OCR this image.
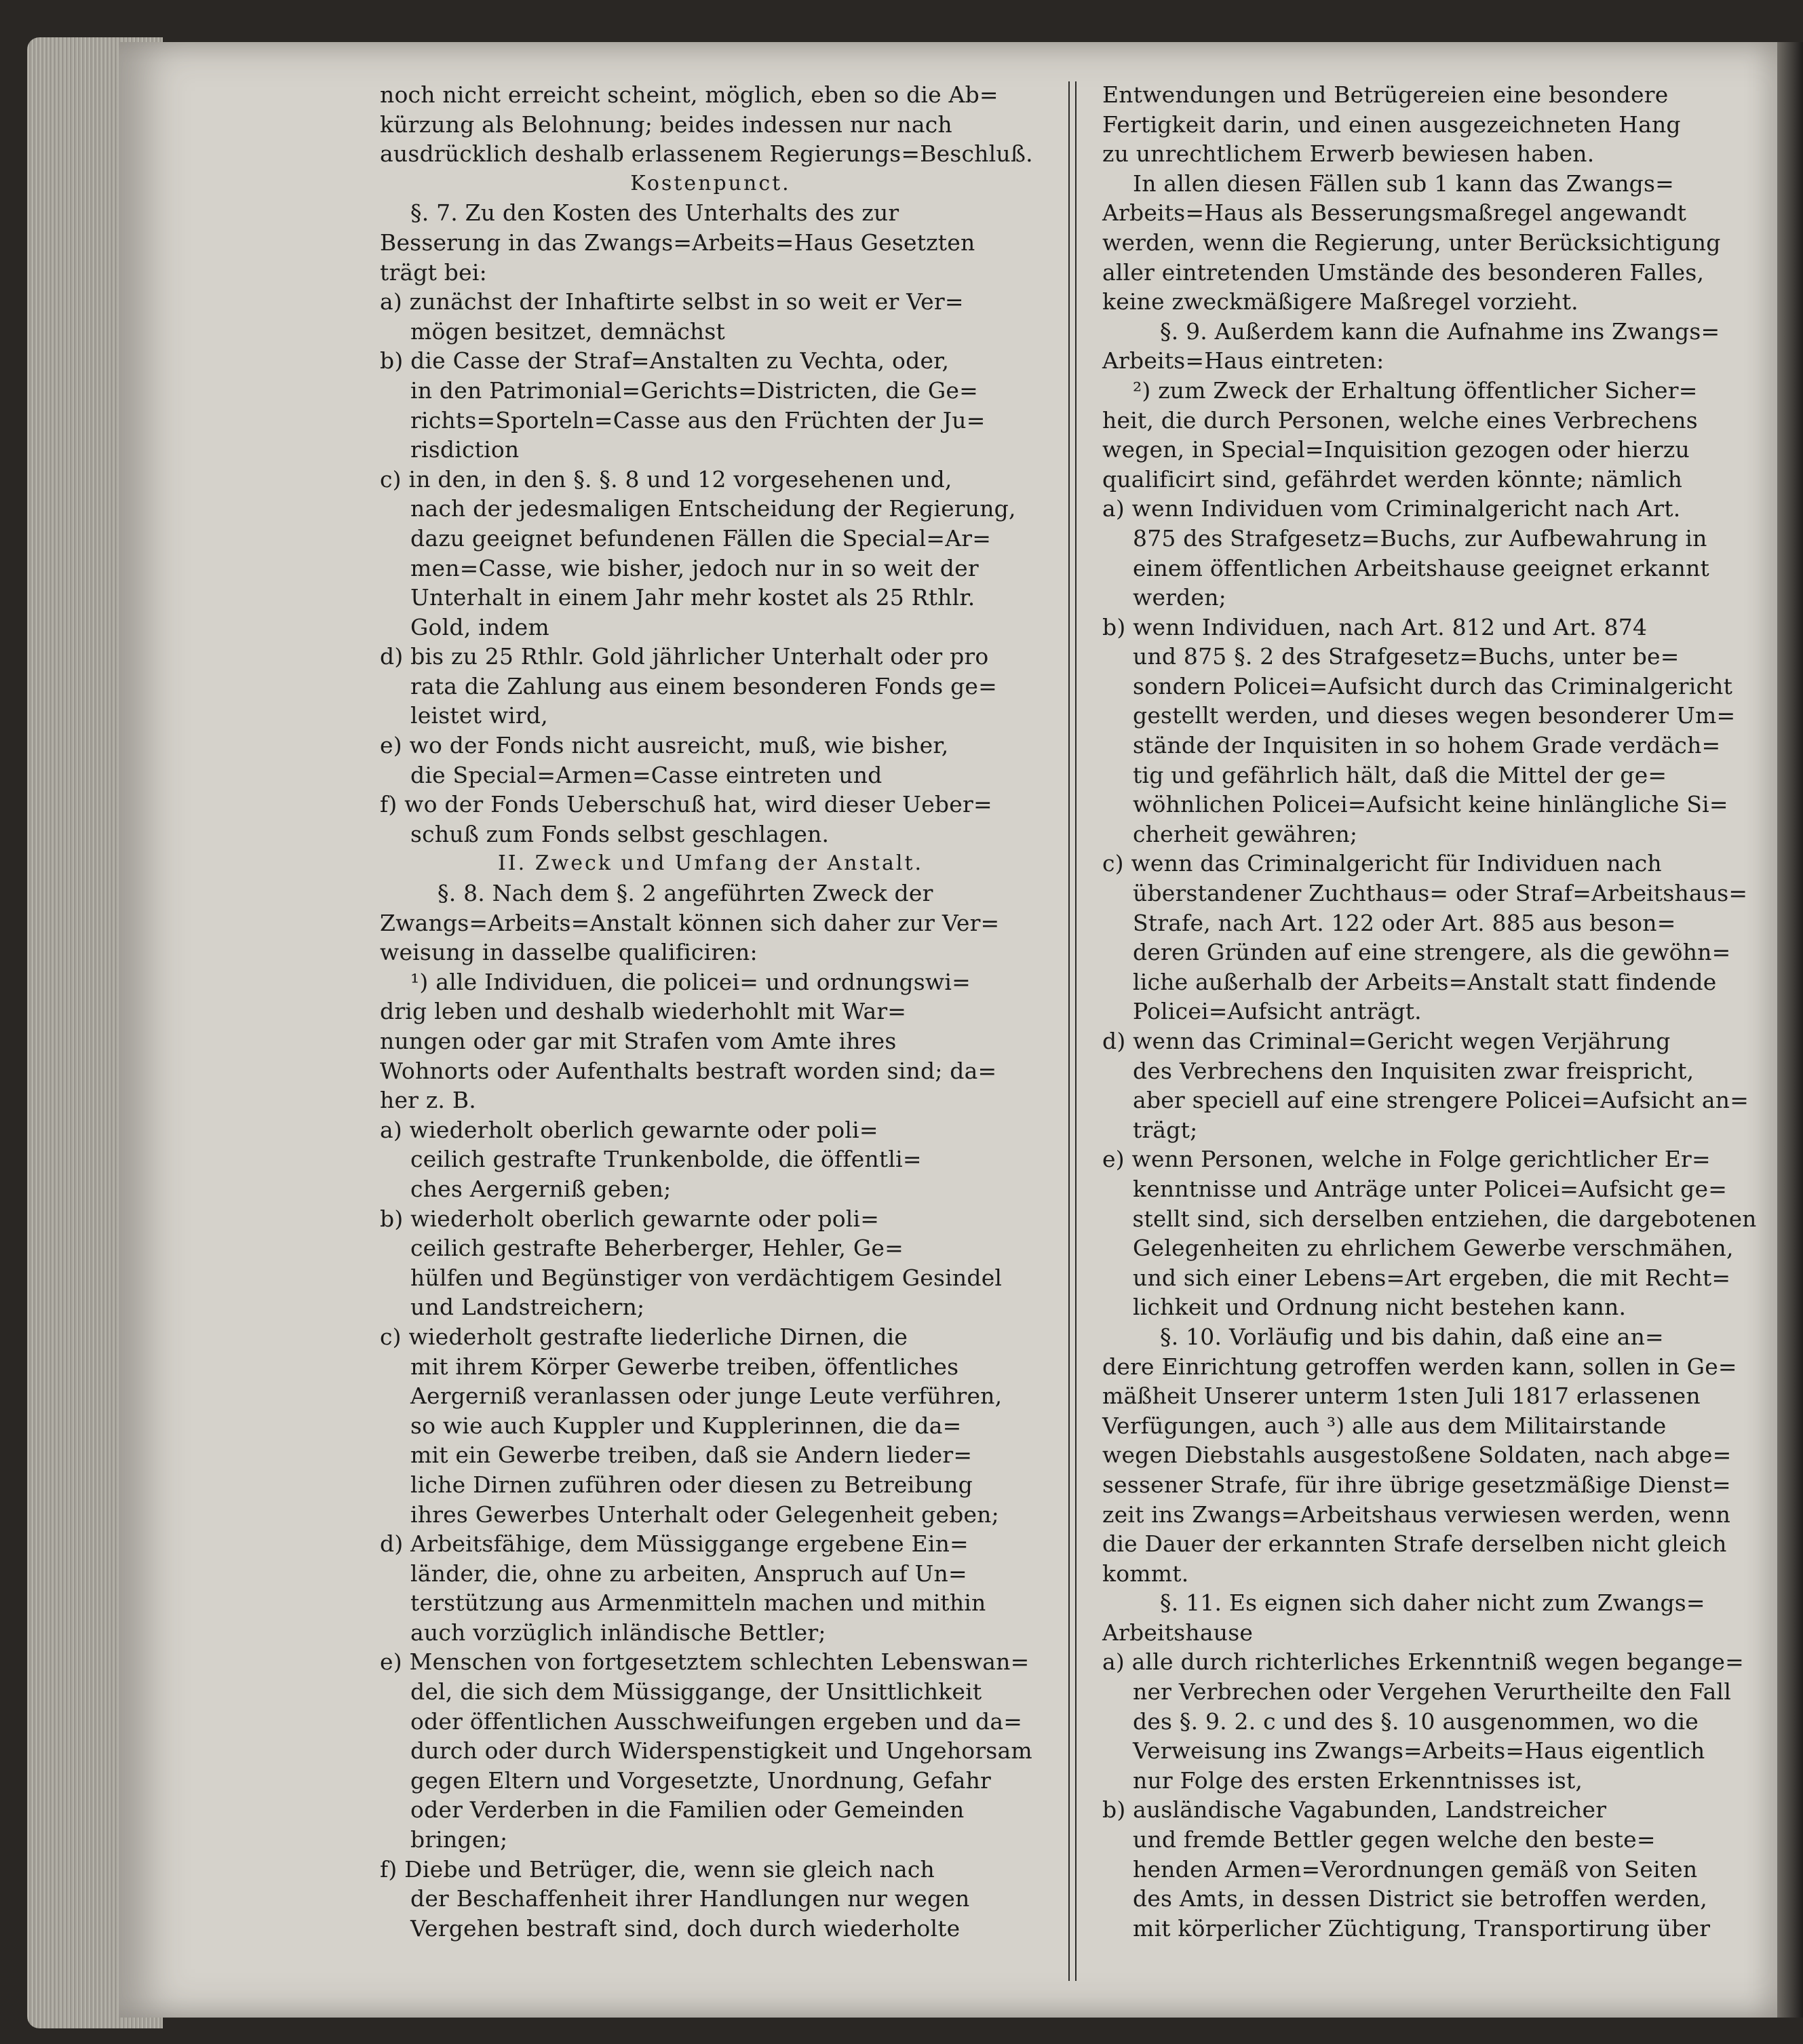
noch nicht erreicht scheint, möglich, eben so die Ab=
kürzung als Belohnung; beides indessen nur nach
ausdrücklich deshalb erlassenem Regierungs=Beschluß.
Kostenpunct.
§. 7. Zu den Kosten des Unterhalts des zur
Besserung in das Zwangs=Arbeits=Haus Gesetzten
trägt bei:
a) zunächst der Inhaftirte selbst in so weit er Ver=
mögen besitzet, demnächst
b) die Casse der Straf=Anstalten zu Vechta, oder,
in den Patrimonial=Gerichts=Districten, die Ge=
richts=Sporteln=Casse aus den Früchten der Ju=
risdiction
c) in den, in den §. §. 8 und 12 vorgesehenen und,
nach der jedesmaligen Entscheidung der Regierung,
dazu geeignet befundenen Fällen die Special=Ar=
men=Casse, wie bisher, jedoch nur in so weit der
Unterhalt in einem Jahr mehr kostet als 25 Rthlr.
Gold, indem
d) bis zu 25 Rthlr. Gold jährlicher Unterhalt oder pro
rata die Zahlung aus einem besonderen Fonds ge=
leistet wird,
e) wo der Fonds nicht ausreicht, muß, wie bisher,
die Special=Armen=Casse eintreten und
f) wo der Fonds Ueberschuß hat, wird dieser Ueber=
schuß zum Fonds selbst geschlagen.
II. Zweck und Umfang der Anstalt.
§. 8. Nach dem §. 2 angeführten Zweck der
Zwangs=Arbeits=Anstalt können sich daher zur Ver=
weisung in dasselbe qualificiren:
¹) alle Individuen, die policei= und ordnungswi=
drig leben und deshalb wiederhohlt mit War=
nungen oder gar mit Strafen vom Amte ihres
Wohnorts oder Aufenthalts bestraft worden sind; da=
her z. B.
a) wiederholt oberlich gewarnte oder poli=
ceilich gestrafte Trunkenbolde, die öffentli=
ches Aergerniß geben;
b) wiederholt oberlich gewarnte oder poli=
ceilich gestrafte Beherberger, Hehler, Ge=
hülfen und Begünstiger von verdächtigem Gesindel
und Landstreichern;
c) wiederholt gestrafte liederliche Dirnen, die
mit ihrem Körper Gewerbe treiben, öffentliches
Aergerniß veranlassen oder junge Leute verführen,
so wie auch Kuppler und Kupplerinnen, die da=
mit ein Gewerbe treiben, daß sie Andern lieder=
liche Dirnen zuführen oder diesen zu Betreibung
ihres Gewerbes Unterhalt oder Gelegenheit geben;
d) Arbeitsfähige, dem Müssiggange ergebene Ein=
länder, die, ohne zu arbeiten, Anspruch auf Un=
terstützung aus Armenmitteln machen und mithin
auch vorzüglich inländische Bettler;
e) Menschen von fortgesetztem schlechten Lebenswan=
del, die sich dem Müssiggange, der Unsittlichkeit
oder öffentlichen Ausschweifungen ergeben und da=
durch oder durch Widerspenstigkeit und Ungehorsam
gegen Eltern und Vorgesetzte, Unordnung, Gefahr
oder Verderben in die Familien oder Gemeinden
bringen;
f) Diebe und Betrüger, die, wenn sie gleich nach
der Beschaffenheit ihrer Handlungen nur wegen
Vergehen bestraft sind, doch durch wiederholte
Entwendungen und Betrügereien eine besondere
Fertigkeit darin, und einen ausgezeichneten Hang
zu unrechtlichem Erwerb bewiesen haben.
In allen diesen Fällen sub 1 kann das Zwangs=
Arbeits=Haus als Besserungsmaßregel angewandt
werden, wenn die Regierung, unter Berücksichtigung
aller eintretenden Umstände des besonderen Falles,
keine zweckmäßigere Maßregel vorzieht.
§. 9. Außerdem kann die Aufnahme ins Zwangs=
Arbeits=Haus eintreten:
²) zum Zweck der Erhaltung öffentlicher Sicher=
heit, die durch Personen, welche eines Verbrechens
wegen, in Special=Inquisition gezogen oder hierzu
qualificirt sind, gefährdet werden könnte; nämlich
a) wenn Individuen vom Criminalgericht nach Art.
875 des Strafgesetz=Buchs, zur Aufbewahrung in
einem öffentlichen Arbeitshause geeignet erkannt
werden;
b) wenn Individuen, nach Art. 812 und Art. 874
und 875 §. 2 des Strafgesetz=Buchs, unter be=
sondern Policei=Aufsicht durch das Criminalgericht
gestellt werden, und dieses wegen besonderer Um=
stände der Inquisiten in so hohem Grade verdäch=
tig und gefährlich hält, daß die Mittel der ge=
wöhnlichen Policei=Aufsicht keine hinlängliche Si=
cherheit gewähren;
c) wenn das Criminalgericht für Individuen nach
überstandener Zuchthaus= oder Straf=Arbeitshaus=
Strafe, nach Art. 122 oder Art. 885 aus beson=
deren Gründen auf eine strengere, als die gewöhn=
liche außerhalb der Arbeits=Anstalt statt findende
Policei=Aufsicht anträgt.
d) wenn das Criminal=Gericht wegen Verjährung
des Verbrechens den Inquisiten zwar freispricht,
aber speciell auf eine strengere Policei=Aufsicht an=
trägt;
e) wenn Personen, welche in Folge gerichtlicher Er=
kenntnisse und Anträge unter Policei=Aufsicht ge=
stellt sind, sich derselben entziehen, die dargebotenen
Gelegenheiten zu ehrlichem Gewerbe verschmähen,
und sich einer Lebens=Art ergeben, die mit Recht=
lichkeit und Ordnung nicht bestehen kann.
§. 10. Vorläufig und bis dahin, daß eine an=
dere Einrichtung getroffen werden kann, sollen in Ge=
mäßheit Unserer unterm 1sten Juli 1817 erlassenen
Verfügungen, auch ³) alle aus dem Militairstande
wegen Diebstahls ausgestoßene Soldaten, nach abge=
sessener Strafe, für ihre übrige gesetzmäßige Dienst=
zeit ins Zwangs=Arbeitshaus verwiesen werden, wenn
die Dauer der erkannten Strafe derselben nicht gleich
kommt.
§. 11. Es eignen sich daher nicht zum Zwangs=
Arbeitshause
a) alle durch richterliches Erkenntniß wegen begange=
ner Verbrechen oder Vergehen Verurtheilte den Fall
des §. 9. 2. c und des §. 10 ausgenommen, wo die
Verweisung ins Zwangs=Arbeits=Haus eigentlich
nur Folge des ersten Erkenntnisses ist,
b) ausländische Vagabunden, Landstreicher
und fremde Bettler gegen welche den beste=
henden Armen=Verordnungen gemäß von Seiten
des Amts, in dessen District sie betroffen werden,
mit körperlicher Züchtigung, Transportirung über
